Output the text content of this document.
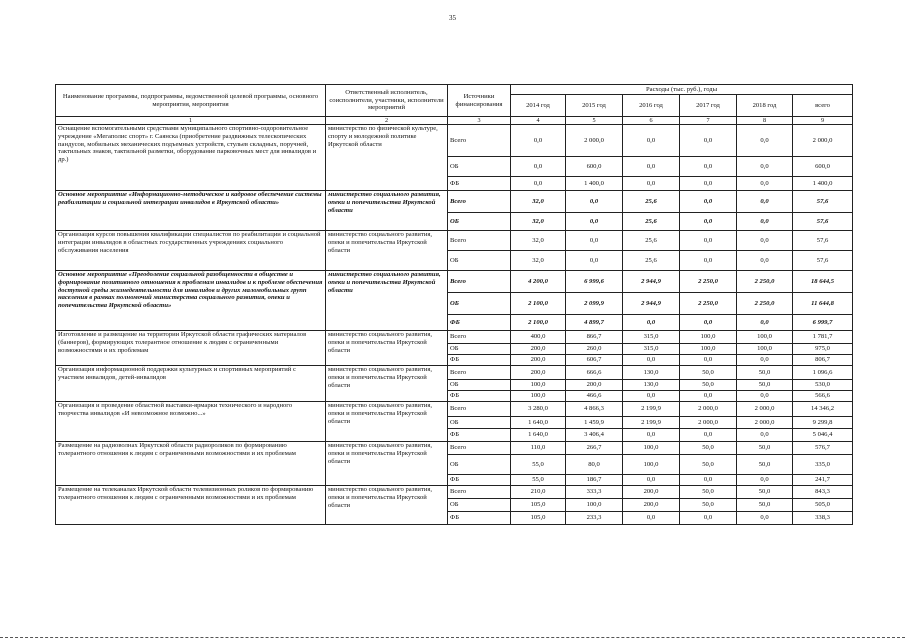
35
Наименование программы, подпрограммы, ведомственной целевой программы, основного мероприятия, мероприятия	Ответственный исполнитель, соисполнители, участники, исполнители мероприятий	Источники финансирования	Расходы (тыс. руб.), годы					
			2014 год	2015 год	2016 год	2017 год	2018 год	всего
1	2	3	4	5	6	7	8	9
Оснащение вспомогательными средствами муниципального спортивно-оздоровительное учреждение «Мегаполис спорт» г. Саянска (приобретение раздвижных телескопических пандусов, мобильных механических подъемных устройств, стульев складных, поручней, тактильных знаков, тактильной разметки, оборудование парковочных мест для инвалидов и др.)	министерство по физической культуре, спорту и молодежной политике Иркутской области	Всего	0,0	2 000,0	0,0	0,0	0,0	2 000,0
		ОБ	0,0	600,0	0,0	0,0	0,0	600,0
		ФБ	0,0	1 400,0	0,0	0,0	0,0	1 400,0
Основное мероприятие «Информационно-методическое и кадровое обеспечение системы реабилитации и социальной интеграции инвалидов в Иркутской области»	министерство социального развития, опеки и попечительства Иркутской области	Всего	32,0	0,0	25,6	0,0	0,0	57,6
		ОБ	32,0	0,0	25,6	0,0	0,0	57,6
Организация курсов повышения квалификации специалистов по реабилитации и социальной интеграции инвалидов в областных государственных учреждениях социального обслуживания населения	министерство социального развития, опеки и попечительства Иркутской области	Всего	32,0	0,0	25,6	0,0	0,0	57,6
		ОБ	32,0	0,0	25,6	0,0	0,0	57,6
Основное мероприятие «Преодоление социальной разобщенности в обществе и формирование позитивного отношения к проблемам инвалидов и к проблеме обеспечения доступной среды жизнедеятельности для инвалидов и других маломобильных групп населения в рамках полномочий министерства социального развития, опеки и попечительства Иркутской области»	министерство социального развития, опеки и попечительства Иркутской области	Всего	4 200,0	6 999,6	2 944,9	2 250,0	2 250,0	18 644,5
		ОБ	2 100,0	2 099,9	2 944,9	2 250,0	2 250,0	11 644,8
		ФБ	2 100,0	4 899,7	0,0	0,0	0,0	6 999,7
Изготовление и размещение на территории Иркутской области графических материалов (баннеров), формирующих толерантное отношение к людям с ограниченными возможностями и их проблемам	министерство социального развития, опеки и попечительства Иркутской области	Всего	400,0	866,7	315,0	100,0	100,0	1 781,7
		ОБ	200,0	260,0	315,0	100,0	100,0	975,0
		ФБ	200,0	606,7	0,0	0,0	0,0	806,7
Организация информационной поддержки культурных и спортивных мероприятий с участием инвалидов, детей-инвалидов	министерство социального развития, опеки и попечительства Иркутской области	Всего	200,0	666,6	130,0	50,0	50,0	1 096,6
		ОБ	100,0	200,0	130,0	50,0	50,0	530,0
		ФБ	100,0	466,6	0,0	0,0	0,0	566,6
Организация и проведение областной выставки-ярмарки технического и народного творчества инвалидов «И невозможное возможно...»	министерство социального развития, опеки и попечительства Иркутской области	Всего	3 280,0	4 866,3	2 199,9	2 000,0	2 000,0	14 346,2
		ОБ	1 640,0	1 459,9	2 199,9	2 000,0	2 000,0	9 299,8
		ФБ	1 640,0	3 406,4	0,0	0,0	0,0	5 046,4
Размещение на радиоволнах Иркутской области радиороликов по формированию толерантного отношения к людям с ограниченными возможностями и их проблемам	министерство социального развития, опеки и попечительства Иркутской области	Всего	110,0	266,7	100,0	50,0	50,0	576,7
		ОБ	55,0	80,0	100,0	50,0	50,0	335,0
		ФБ	55,0	186,7	0,0	0,0	0,0	241,7
Размещение на телеканалах Иркутской области телевизионных роликов по формированию толерантного отношения к людям с ограниченными возможностями и их проблемам	министерство социального развития, опеки и попечительства Иркутской области	Всего	210,0	333,3	200,0	50,0	50,0	843,3
		ОБ	105,0	100,0	200,0	50,0	50,0	505,0
		ФБ	105,0	233,3	0,0	0,0	0,0	338,3
